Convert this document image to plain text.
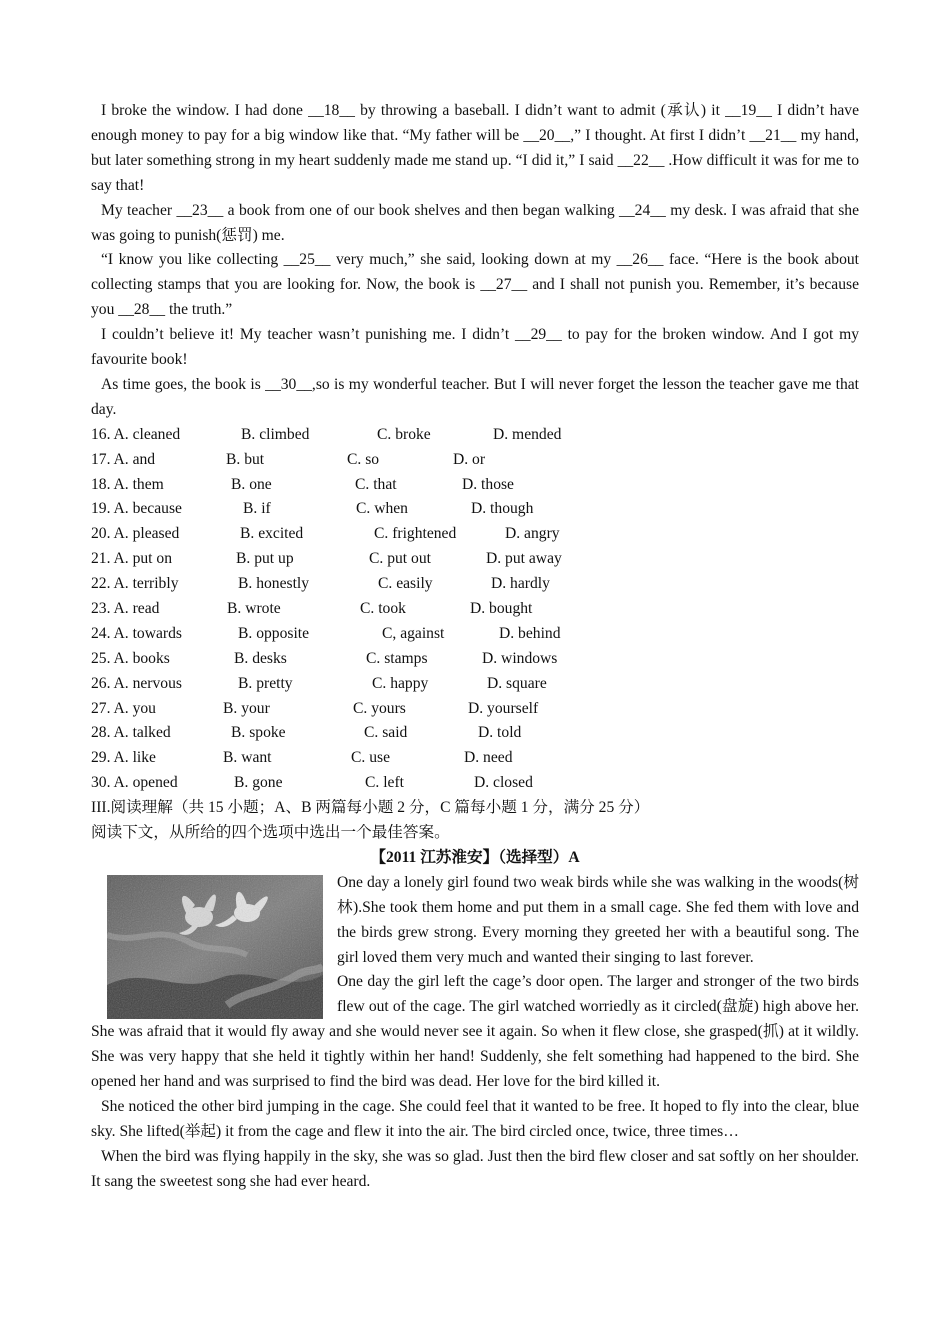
I broke the window. I had done __18__ by throwing a baseball. I didn’t want to admit (承认) it __19__ I didn’t have enough money to pay for a big window like that. “My father will be __20__,” I thought. At first I didn’t __21__ my hand, but later something strong in my heart suddenly made me stand up. “I did it,” I said __22__ .How difficult it was for me to say that!

My teacher __23__ a book from one of our book shelves and then began walking __24__ my desk. I was afraid that she was going to punish(惩罚) me.

“I know you like collecting __25__ very much,” she said, looking down at my __26__ face. “Here is the book about collecting stamps that you are looking for. Now, the book is __27__ and I shall not punish you. Remember, it’s because you __28__ the truth.”

I couldn’t believe it! My teacher wasn’t punishing me. I didn’t __29__ to pay for the broken window. And I got my favourite book!

As time goes, the book is __30__,so is my wonderful teacher. But I will never forget the lesson the teacher gave me that day.

16. A. cleaned	B. climbed	C. broke	D. mended
17. A. and	B. but	C. so	D. or
18. A. them	B. one	C. that	D. those
19. A. because	B. if	C. when	D. though
20. A. pleased	B. excited	C. frightened	D. angry
21. A. put on	B. put up	C. put out	D. put away
22. A. terribly	B. honestly	C. easily	D. hardly
23. A. read	B. wrote	C. took	D. bought
24. A. towards	B. opposite	C, against	D. behind
25. A. books	B. desks	C. stamps	D. windows
26. A. nervous	B. pretty	C. happy	D. square
27. A. you	B. your	C. yours	D. yourself
28. A. talked	B. spoke	C. said	D. told
29. A. like	B. want	C. use	D. need
30. A. opened	B. gone	C. left	D. closed
III.阅读理解（共 15 小题；A、B 两篇每小题 2 分，C 篇每小题 1 分，满分 25 分）
阅读下文，从所给的四个选项中选出一个最佳答案。
【2011 江苏淮安】（选择型）A

One day a lonely girl found two weak birds while she was walking in the woods(树林).She took them home and put them in a small cage. She fed them with love and the birds grew strong. Every morning they greeted her with a beautiful song. The girl loved them very much and wanted their singing to last forever.

One day the girl left the cage’s door open. The larger and stronger of the two birds flew out of the cage. The girl watched worriedly as it circled(盘旋) high above her. She was afraid that it would fly away and she would never see it again. So when it flew close, she grasped(抓) at it wildly. She was very happy that she held it tightly within her hand! Suddenly, she felt something had happened to the bird. She opened her hand and was surprised to find the bird was dead. Her love for the bird killed it.

She noticed the other bird jumping in the cage. She could feel that it wanted to be free. It hoped to fly into the clear, blue sky. She lifted(举起) it from the cage and flew it into the air. The bird circled once, twice, three times…

When the bird was flying happily in the sky, she was so glad. Just then the bird flew closer and sat softly on her shoulder. It sang the sweetest song she had ever heard.
